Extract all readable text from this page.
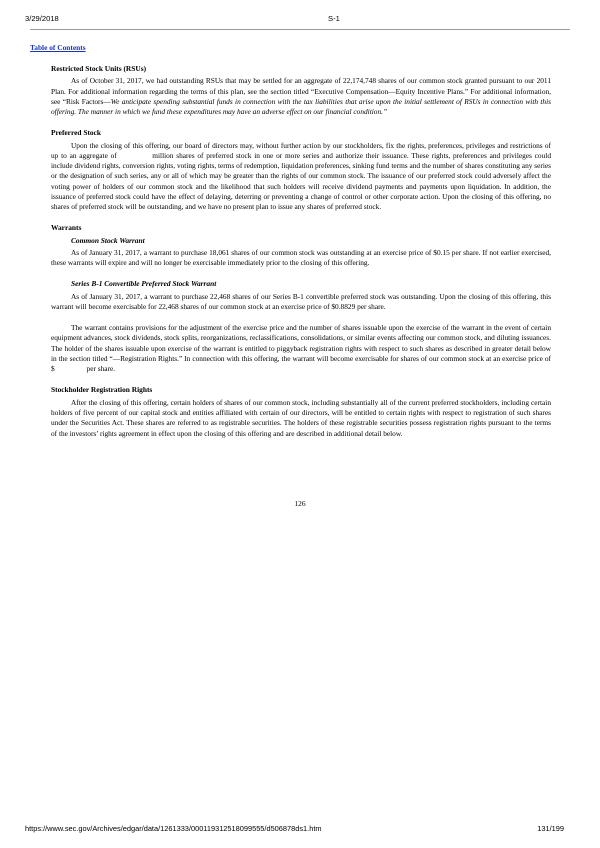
3/29/2018	S-1
Table of Contents
Restricted Stock Units (RSUs)

As of October 31, 2017, we had outstanding RSUs that may be settled for an aggregate of 22,174,748 shares of our common stock granted pursuant to our 2011 Plan. For additional information regarding the terms of this plan, see the section titled “Executive Compensation—Equity Incentive Plans.” For additional information, see “Risk Factors—We anticipate spending substantial funds in connection with the tax liabilities that arise upon the initial settlement of RSUs in connection with this offering. The manner in which we fund these expenditures may have an adverse effect on our financial condition.”

Preferred Stock

Upon the closing of this offering, our board of directors may, without further action by our stockholders, fix the rights, preferences, privileges and restrictions of up to an aggregate of	million shares of preferred stock in one or more series and authorize their issuance. These rights, preferences and privileges could include dividend rights, conversion rights, voting rights, terms of redemption, liquidation preferences, sinking fund terms and the number of shares constituting any series or the designation of such series, any or all of which may be greater than the rights of our common stock. The issuance of our preferred stock could adversely affect the voting power of holders of our common stock and the likelihood that such holders will receive dividend payments and payments upon liquidation. In addition, the issuance of preferred stock could have the effect of delaying, deterring or preventing a change of control or other corporate action. Upon the closing of this offering, no shares of preferred stock will be outstanding, and we have no present plan to issue any shares of preferred stock.

Warrants
Common Stock Warrant

As of January 31, 2017, a warrant to purchase 18,061 shares of our common stock was outstanding at an exercise price of $0.15 per share. If not earlier exercised, these warrants will expire and will no longer be exercisable immediately prior to the closing of this offering.

Series B-1 Convertible Preferred Stock Warrant

As of January 31, 2017, a warrant to purchase 22,468 shares of our Series B-1 convertible preferred stock was outstanding. Upon the closing of this offering, this warrant will become exercisable for 22,468 shares of our common stock at an exercise price of $0.8829 per share.

The warrant contains provisions for the adjustment of the exercise price and the number of shares issuable upon the exercise of the warrant in the event of certain equipment advances, stock dividends, stock splits, reorganizations, reclassifications, consolidations, or similar events affecting our common stock, and diluting issuances. The holder of the shares issuable upon exercise of the warrant is entitled to piggyback registration rights with respect to such shares as described in greater detail below in the section titled “—Registration Rights.” In connection with this offering, the warrant will become exercisable for shares of our common stock at an exercise price of $	per share.

Stockholder Registration Rights

After the closing of this offering, certain holders of shares of our common stock, including substantially all of the current preferred stockholders, including certain holders of five percent of our capital stock and entities affiliated with certain of our directors, will be entitled to certain rights with respect to registration of such shares under the Securities Act. These shares are referred to as registrable securities. The holders of these registrable securities possess registration rights pursuant to the terms of the investors’ rights agreement in effect upon the closing of this offering and are described in additional detail below.

126
https://www.sec.gov/Archives/edgar/data/1261333/000119312518099555/d506878ds1.htm	131/199
